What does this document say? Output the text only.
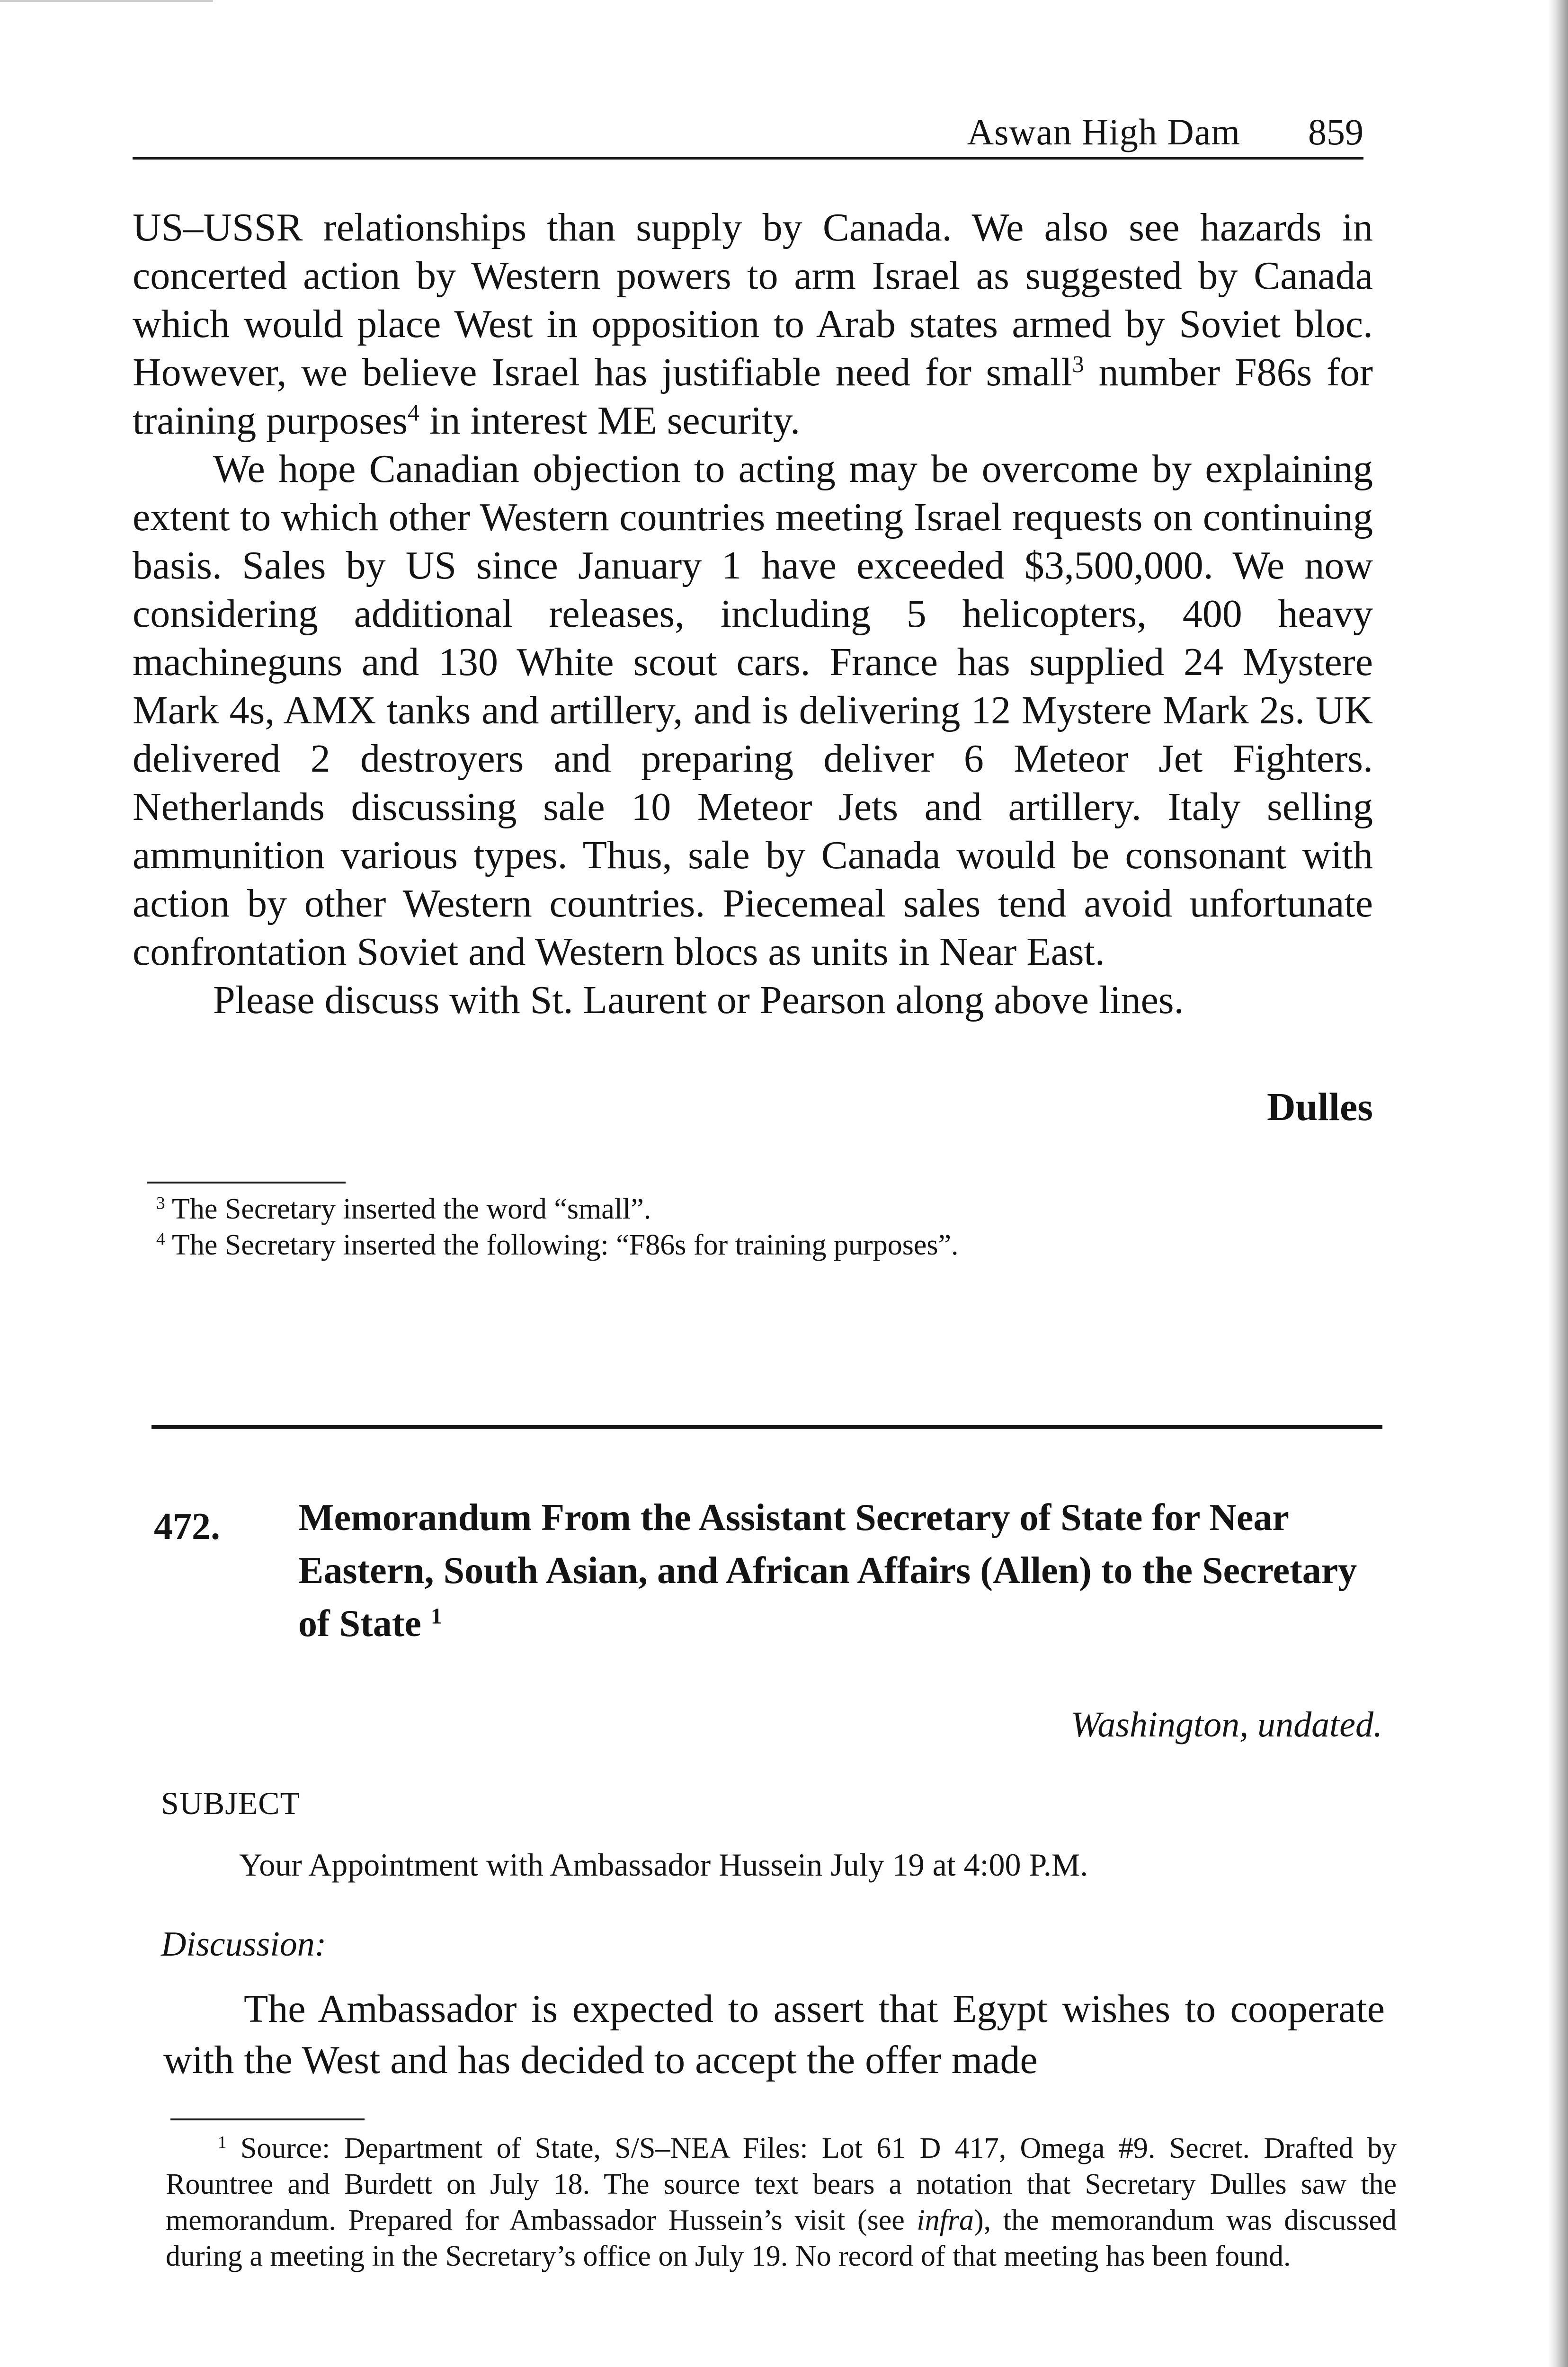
Aswan High Dam 859

US–USSR relationships than supply by Canada. We also see hazards in concerted action by Western powers to arm Israel as suggested by Canada which would place West in opposition to Arab states armed by Soviet bloc. However, we believe Israel has justifiable need for small$^3$ number F86s for training purposes$^4$ in interest ME security.

We hope Canadian objection to acting may be overcome by explaining extent to which other Western countries meeting Israel requests on continuing basis. Sales by US since January 1 have exceeded $3,500,000. We now considering additional releases, including 5 helicopters, 400 heavy machineguns and 130 White scout cars. France has supplied 24 Mystere Mark 4s, AMX tanks and artillery, and is delivering 12 Mystere Mark 2s. UK delivered 2 destroyers and preparing deliver 6 Meteor Jet Fighters. Netherlands discussing sale 10 Meteor Jets and artillery. Italy selling ammunition various types. Thus, sale by Canada would be consonant with action by other Western countries. Piecemeal sales tend avoid unfortunate confrontation Soviet and Western blocs as units in Near East.

Please discuss with St. Laurent or Pearson along above lines.

Dulles

$^3$ The Secretary inserted the word “small”.

$^4$ The Secretary inserted the following: “F86s for training purposes”.

472. Memorandum From the Assistant Secretary of State for Near Eastern, South Asian, and African Affairs (Allen) to the Secretary of State $^1$
Washington, undated.
SUBJECT
Your Appointment with Ambassador Hussein July 19 at 4:00 P.M.
Discussion:

The Ambassador is expected to assert that Egypt wishes to cooperate with the West and has decided to accept the offer made

$^1$ Source: Department of State, S/S–NEA Files: Lot 61 D 417, Omega #9. Secret. Drafted by Rountree and Burdett on July 18. The source text bears a notation that Secretary Dulles saw the memorandum. Prepared for Ambassador Hussein’s visit (see infra), the memorandum was discussed during a meeting in the Secretary’s office on July 19. No record of that meeting has been found.
